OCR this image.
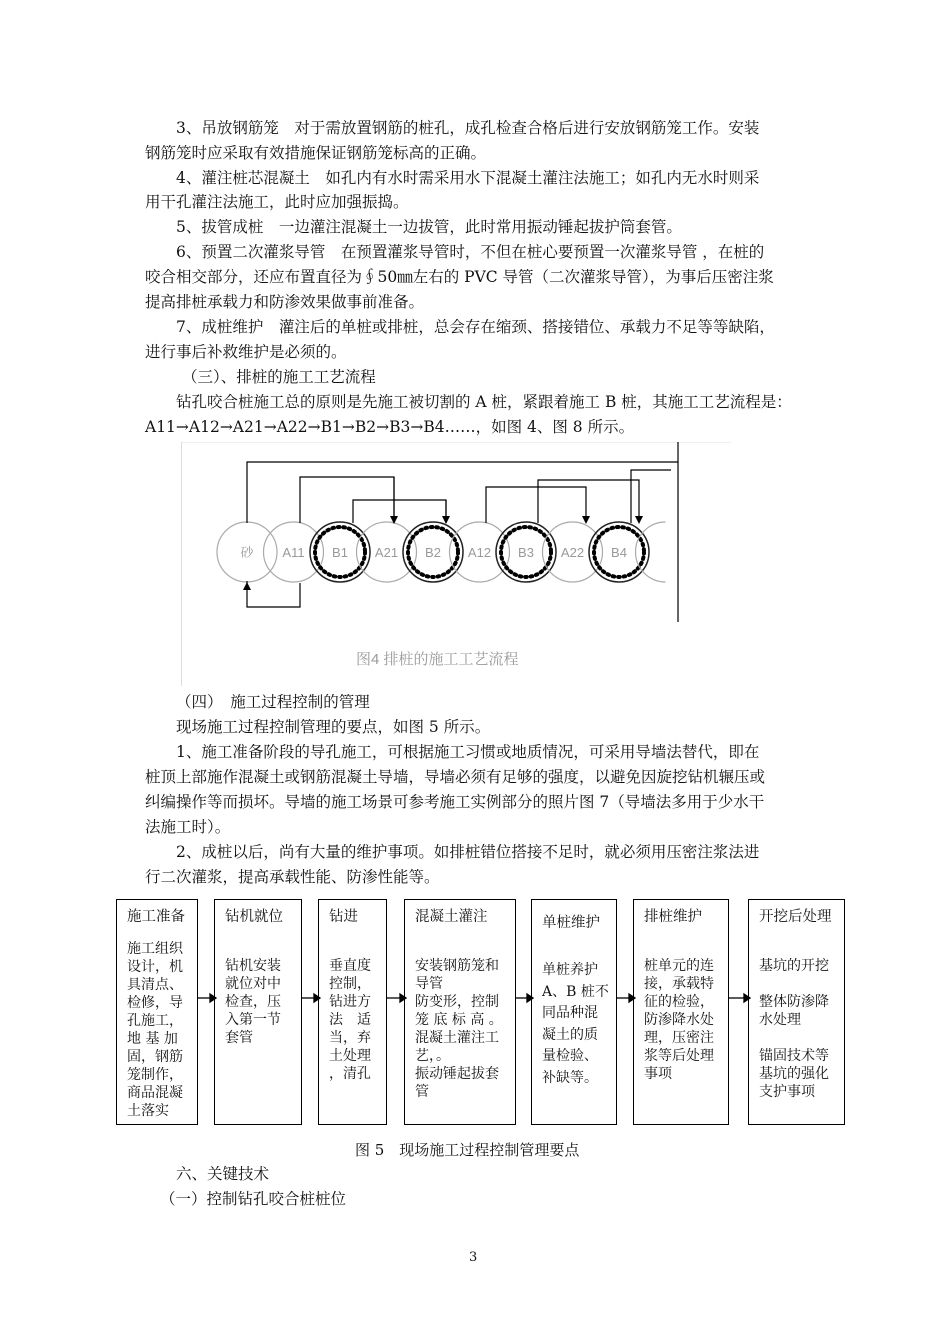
3、吊放钢筋笼　对于需放置钢筋的桩孔，成孔检查合格后进行安放钢筋笼工作。安装
钢筋笼时应采取有效措施保证钢筋笼标高的正确。
4、灌注桩芯混凝土　如孔内有水时需采用水下混凝土灌注法施工；如孔内无水时则采
用干孔灌注法施工，此时应加强振捣。
5、拔管成桩　一边灌注混凝土一边拔管，此时常用振动锤起拔护筒套管。
6、预置二次灌浆导管　在预置灌浆导管时，不但在桩心要预置一次灌浆导管 ，在桩的
咬合相交部分，还应布置直径为∮50㎜左右的 PVC 导管（二次灌浆导管），为事后压密注浆
提高排桩承载力和防渗效果做事前准备。
7、成桩维护　灌注后的单桩或排桩，总会存在缩颈、搭接错位、承载力不足等等缺陷，
进行事后补救维护是必须的。
（三）、排桩的施工工艺流程
钻孔咬合桩施工总的原则是先施工被切割的 A 桩，紧跟着施工 B 桩，其施工工艺流程是：
A11→A12→A21→A22→B1→B2→B3→B4……，如图 4、图 8 所示。
砂 A11 B1 A21 B2 A12 B3 A22 B4
图4 排桩的施工工艺流程
（四）　施工过程控制的管理
现场施工过程控制管理的要点，如图 5 所示。
1、施工准备阶段的导孔施工，可根据施工习惯或地质情况，可采用导墙法替代，即在
桩顶上部施作混凝土或钢筋混凝土导墙，导墙必须有足够的强度，以避免因旋挖钻机辗压或
纠编操作等而损坏。导墙的施工场景可参考施工实例部分的照片图 7（导墙法多用于少水干
法施工时）。
2、成桩以后，尚有大量的维护事项。如排桩错位搭接不足时，就必须用压密注浆法进
行二次灌浆，提高承载性能、防渗性能等。
施工准备
施工组织
设计，机
具清点、
检修，导
孔施工，
地 基 加
固，钢筋
笼制作，
商品混凝
土落实
钻机就位
钻机安装
就位对中
检查，压
入第一节
套管
钻进
垂直度
控制，
钻进方
法　适
当，弃
土处理
，清孔
混凝土灌注
安装钢筋笼和
导管
防变形，控制
笼 底 标 高 。
混凝土灌注工
艺，。
振动锤起拔套
管
单桩维护
单桩养护
A、B 桩不
同品种混
凝土的质
量检验、
补缺等。
排桩维护
桩单元的连
接，承载特
征的检验，
防渗降水处
理，压密注
浆等后处理
事项
开挖后处理
基坑的开挖

整体防渗降
水处理

锚固技术等
基坑的强化
支护事项
图 5　现场施工过程控制管理要点
六、关键技术
（一）控制钻孔咬合桩桩位
3
